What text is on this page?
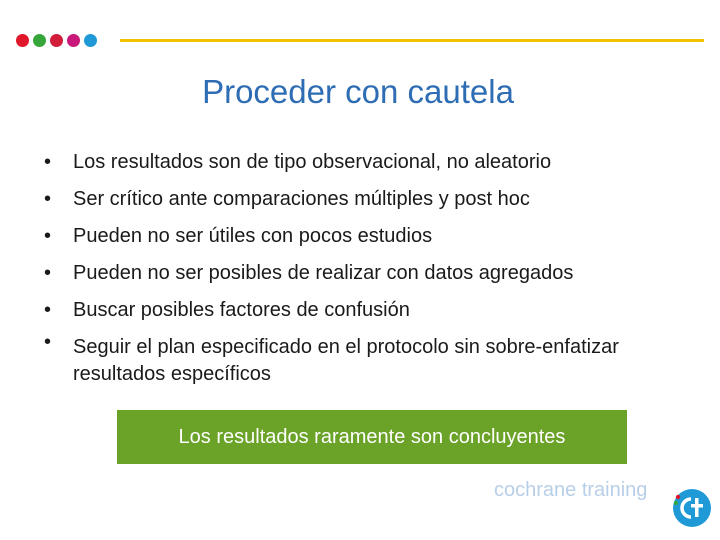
Proceder con cautela
• Los resultados son de tipo observacional, no aleatorio
• Ser crítico ante comparaciones múltiples y post hoc
• Pueden no ser útiles con pocos estudios
• Pueden no ser posibles de realizar con datos agregados
• Buscar posibles factores de confusión
• Seguir el plan especificado en el protocolo sin sobre-enfatizar resultados específicos
Los resultados raramente son concluyentes
cochrane training
